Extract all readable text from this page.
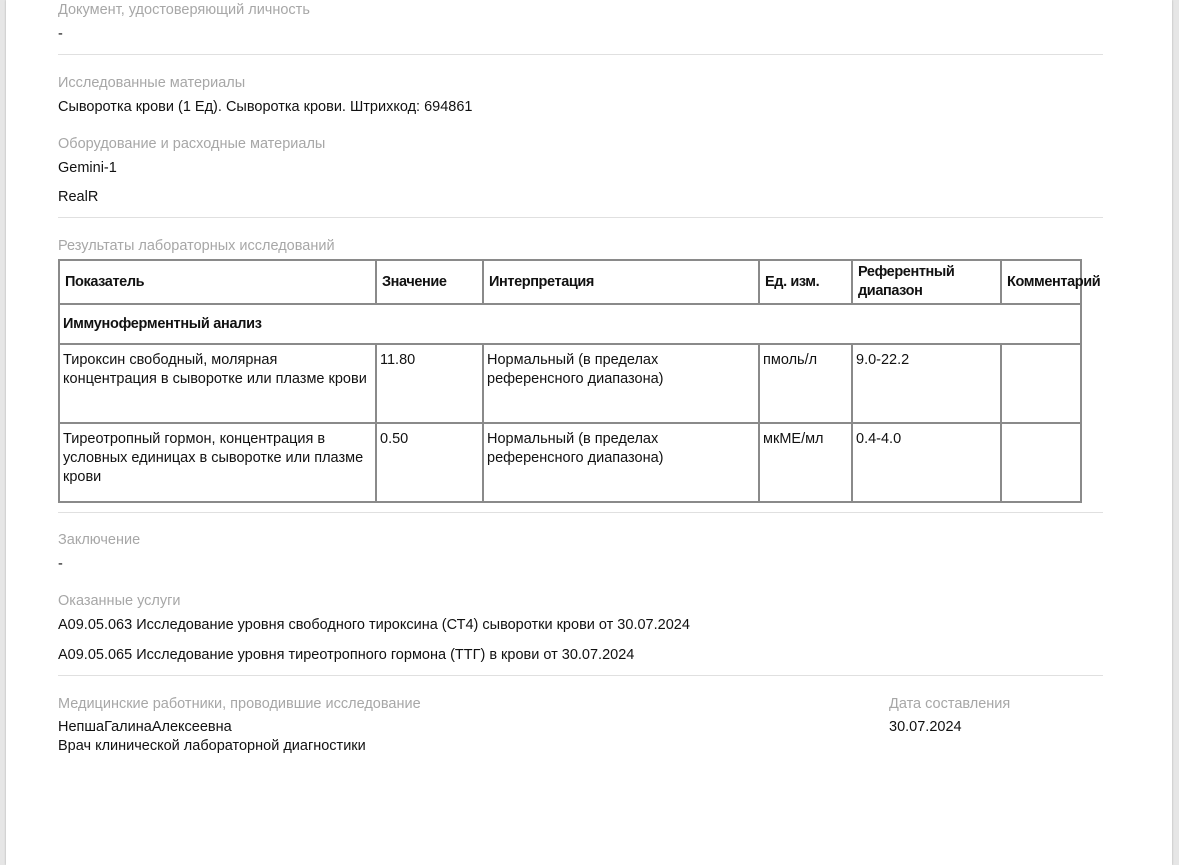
Документ, удостоверяющий личность
-
Исследованные материалы
Сыворотка крови (1 Ед). Сыворотка крови. Штрихкод: 694861
Оборудование и расходные материалы
Gemini-1
RealR
Результаты лабораторных исследований
Показатель	Значение	Интерпретация	Ед. изм.	Референтный диапазон	Комментарий
Иммуноферментный анализ					
Тироксин свободный, молярная концентрация в сыворотке или плазме крови	11.80	Нормальный (в пределах референсного диапазона)	пмоль/л	9.0-22.2	
Тиреотропный гормон, концентрация в условных единицах в сыворотке или плазме крови	0.50	Нормальный (в пределах референсного диапазона)	мкМЕ/мл	0.4-4.0	
Заключение
-
Оказанные услуги
A09.05.063 Исследование уровня свободного тироксина (СТ4) сыворотки крови от 30.07.2024
A09.05.065 Исследование уровня тиреотропного гормона (ТТГ) в крови от 30.07.2024
Медицинские работники, проводившие исследование
НепшаГалинаАлексеевна
Врач клинической лабораторной диагностики
Дата составления
30.07.2024
